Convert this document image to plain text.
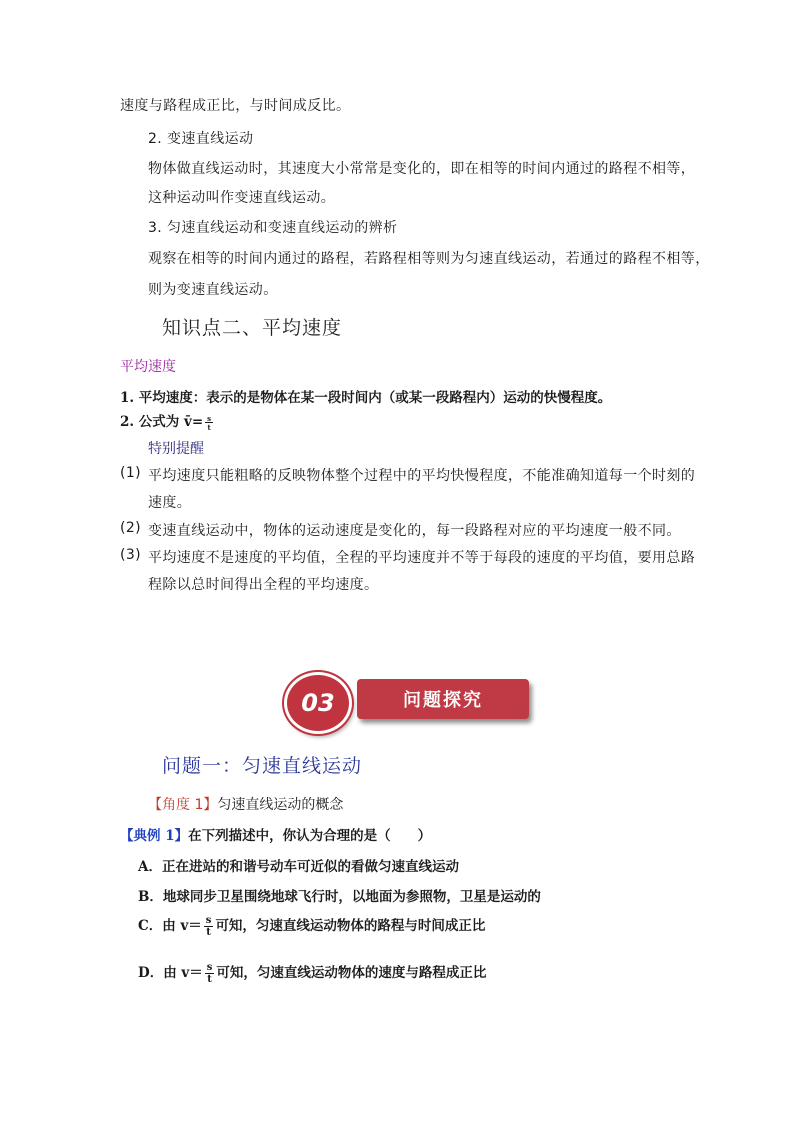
速度与路程成正比，与时间成反比。
2. 变速直线运动
物体做直线运动时，其速度大小常常是变化的，即在相等的时间内通过的路程不相等，
这种运动叫作变速直线运动。
3. 匀速直线运动和变速直线运动的辨析
观察在相等的时间内通过的路程，若路程相等则为匀速直线运动，若通过的路程不相等，
则为变速直线运动。
知识点二、平均速度
平均速度
1. 平均速度：表示的是物体在某一段时间内（或某一段路程内）运动的快慢程度。
2. 公式为 v̄= $\frac{s}{t}$
特别提醒
(1) 平均速度只能粗略的反映物体整个过程中的平均快慢程度，不能准确知道每一个时刻的
速度。
(2) 变速直线运动中，物体的运动速度是变化的，每一段路程对应的平均速度一般不同。
(3) 平均速度不是速度的平均值，全程的平均速度并不等于每段的速度的平均值，要用总路
程除以总时间得出全程的平均速度。
03	问题探究
问题一：匀速直线运动
【角度 1】匀速直线运动的概念
【典例 1】在下列描述中，你认为合理的是（　　）
A．正在进站的和谐号动车可近似的看做匀速直线运动
B．地球同步卫星围绕地球飞行时，以地面为参照物，卫星是运动的
C．由 $v= \frac{s}{t}$ 可知，匀速直线运动物体的路程与时间成正比
D．由 $v= \frac{s}{t}$ 可知，匀速直线运动物体的速度与路程成正比
